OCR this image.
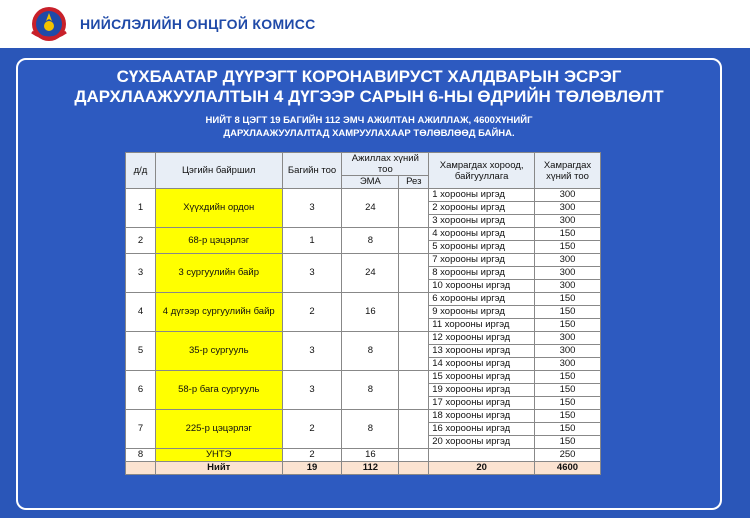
НИЙСЛЭЛИЙН ОНЦГОЙ КОМИСС
СҮХБААТАР ДҮҮРЭГТ КОРОНАВИРУСТ ХАЛДВАРЫН ЭСРЭГ
ДАРХЛААЖУУЛАЛТЫН 4 ДҮГЭЭР САРЫН 6-НЫ ӨДРИЙН ТӨЛӨВЛӨЛТ
НИЙТ 8 ЦЭГТ 19 БАГИЙН 112 ЭМЧ АЖИЛТАН АЖИЛЛАЖ, 4600ХҮНИЙГ
ДАРХЛААЖУУЛАЛТАД ХАМРУУЛАХААР ТӨЛӨВЛӨӨД БАЙНА.
д/д	Цэгийн байршил	Багийн тоо	Ажиллах хүний тоо		Хамрагдах хороод, байгууллага	Хамрагдах хүний тоо
			ЭМА	Рез		
1	Хүүхдийн ордон	3	24		1 хорооны иргэд	300
					2 хорооны иргэд	300
					3 хорооны иргэд	300
2	68-р цэцэрлэг	1	8		4 хорооны иргэд	150
					5 хорооны иргэд	150
3	3 сургуулийн байр	3	24		7 хорооны иргэд	300
					8 хорооны иргэд	300
					10 хорооны иргэд	300
4	4 дүгээр сургуулийн байр	2	16		6 хорооны иргэд	150
					9 хорооны иргэд	150
					11 хорооны иргэд	150
5	35-р сургууль	3	8		12 хорооны иргэд	300
					13 хорооны иргэд	300
					14 хорооны иргэд	300
6	58-р бага сургууль	3	8		15 хорооны иргэд	150
					19 хорооны иргэд	150
					17 хорооны иргэд	150
7	225-р цэцэрлэг	2	8		18 хорооны иргэд	150
					16 хорооны иргэд	150
					20 хорооны иргэд	150
8	УНТЭ	2	16			250
	Нийт	19	112		20	4600
